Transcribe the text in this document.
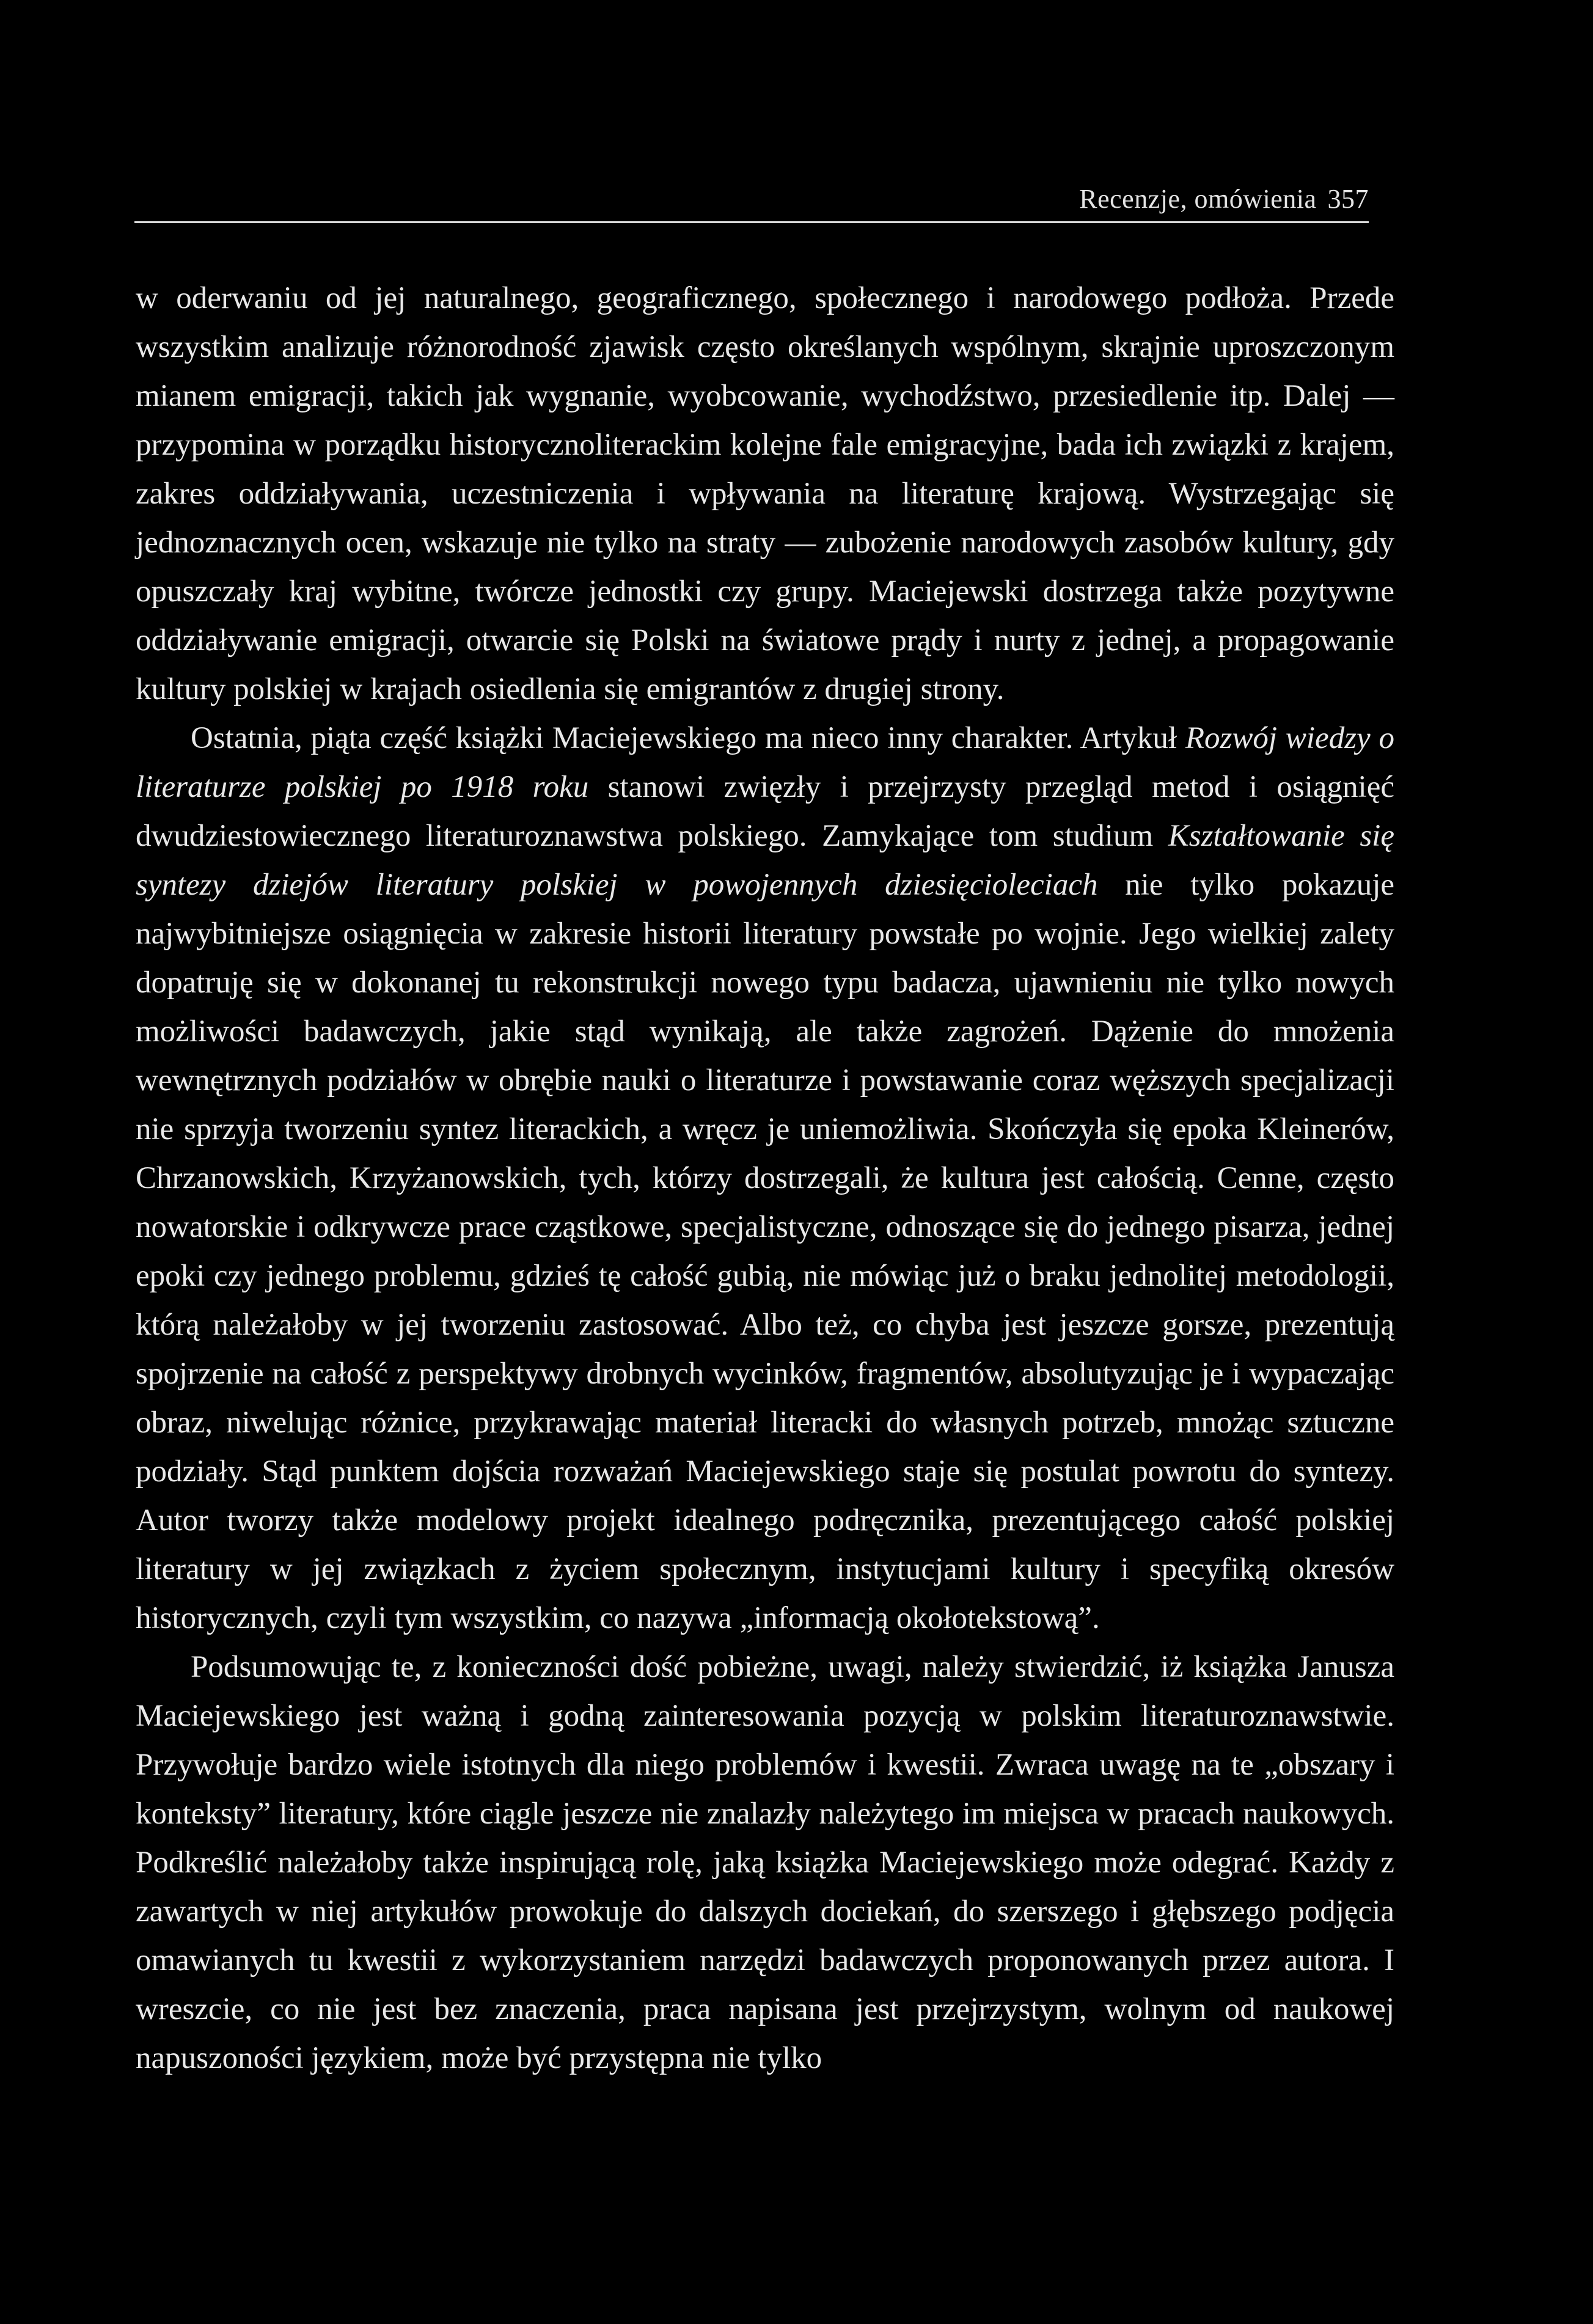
Recenzje, omówienia 357

w oderwaniu od jej naturalnego, geograficznego, społecznego i narodowego podłoża. Przede wszystkim analizuje różnorodność zjawisk często określanych wspólnym, skrajnie uproszczonym mianem emigracji, takich jak wygnanie, wyobcowanie, wychodźstwo, przesiedlenie itp. Dalej — przypomina w porządku historycznoliterackim kolejne fale emigracyjne, bada ich związki z krajem, zakres oddziaływania, uczestniczenia i wpływania na literaturę krajową. Wystrzegając się jednoznacznych ocen, wskazuje nie tylko na straty — zubożenie narodowych zasobów kultury, gdy opuszczały kraj wybitne, twórcze jednostki czy grupy. Maciejewski dostrzega także pozytywne oddziaływanie emigracji, otwarcie się Polski na światowe prądy i nurty z jednej, a propagowanie kultury polskiej w krajach osiedlenia się emigrantów z drugiej strony.

Ostatnia, piąta część książki Maciejewskiego ma nieco inny charakter. Artykuł Rozwój wiedzy o literaturze polskiej po 1918 roku stanowi zwięzły i przejrzysty przegląd metod i osiągnięć dwudziestowiecznego literaturoznawstwa polskiego. Zamykające tom studium Kształtowanie się syntezy dziejów literatury polskiej w powojennych dziesięcioleciach nie tylko pokazuje najwybitniejsze osiągnięcia w zakresie historii literatury powstałe po wojnie. Jego wielkiej zalety dopatruję się w dokonanej tu rekonstrukcji nowego typu badacza, ujawnieniu nie tylko nowych możliwości badawczych, jakie stąd wynikają, ale także zagrożeń. Dążenie do mnożenia wewnętrznych podziałów w obrębie nauki o literaturze i powstawanie coraz węższych specjalizacji nie sprzyja tworzeniu syntez literackich, a wręcz je uniemożliwia. Skończyła się epoka Kleinerów, Chrzanowskich, Krzyżanowskich, tych, którzy dostrzegali, że kultura jest całością. Cenne, często nowatorskie i odkrywcze prace cząstkowe, specjalistyczne, odnoszące się do jednego pisarza, jednej epoki czy jednego problemu, gdzieś tę całość gubią, nie mówiąc już o braku jednolitej metodologii, którą należałoby w jej tworzeniu zastosować. Albo też, co chyba jest jeszcze gorsze, prezentują spojrzenie na całość z perspektywy drobnych wycinków, fragmentów, absolutyzując je i wypaczając obraz, niwelując różnice, przykrawając materiał literacki do własnych potrzeb, mnożąc sztuczne podziały. Stąd punktem dojścia rozważań Maciejewskiego staje się postulat powrotu do syntezy. Autor tworzy także modelowy projekt idealnego podręcznika, prezentującego całość polskiej literatury w jej związkach z życiem społecznym, instytucjami kultury i specyfiką okresów historycznych, czyli tym wszystkim, co nazywa „informacją okołotekstową”.

Podsumowując te, z konieczności dość pobieżne, uwagi, należy stwierdzić, iż książka Janusza Maciejewskiego jest ważną i godną zainteresowania pozycją w polskim literaturoznawstwie. Przywołuje bardzo wiele istotnych dla niego problemów i kwestii. Zwraca uwagę na te „obszary i konteksty” literatury, które ciągle jeszcze nie znalazły należytego im miejsca w pracach naukowych. Podkreślić należałoby także inspirującą rolę, jaką książka Maciejewskiego może odegrać. Każdy z zawartych w niej artykułów prowokuje do dalszych dociekań, do szerszego i głębszego podjęcia omawianych tu kwestii z wykorzystaniem narzędzi badawczych proponowanych przez autora. I wreszcie, co nie jest bez znaczenia, praca napisana jest przejrzystym, wolnym od naukowej napuszoności językiem, może być przystępna nie tylko
